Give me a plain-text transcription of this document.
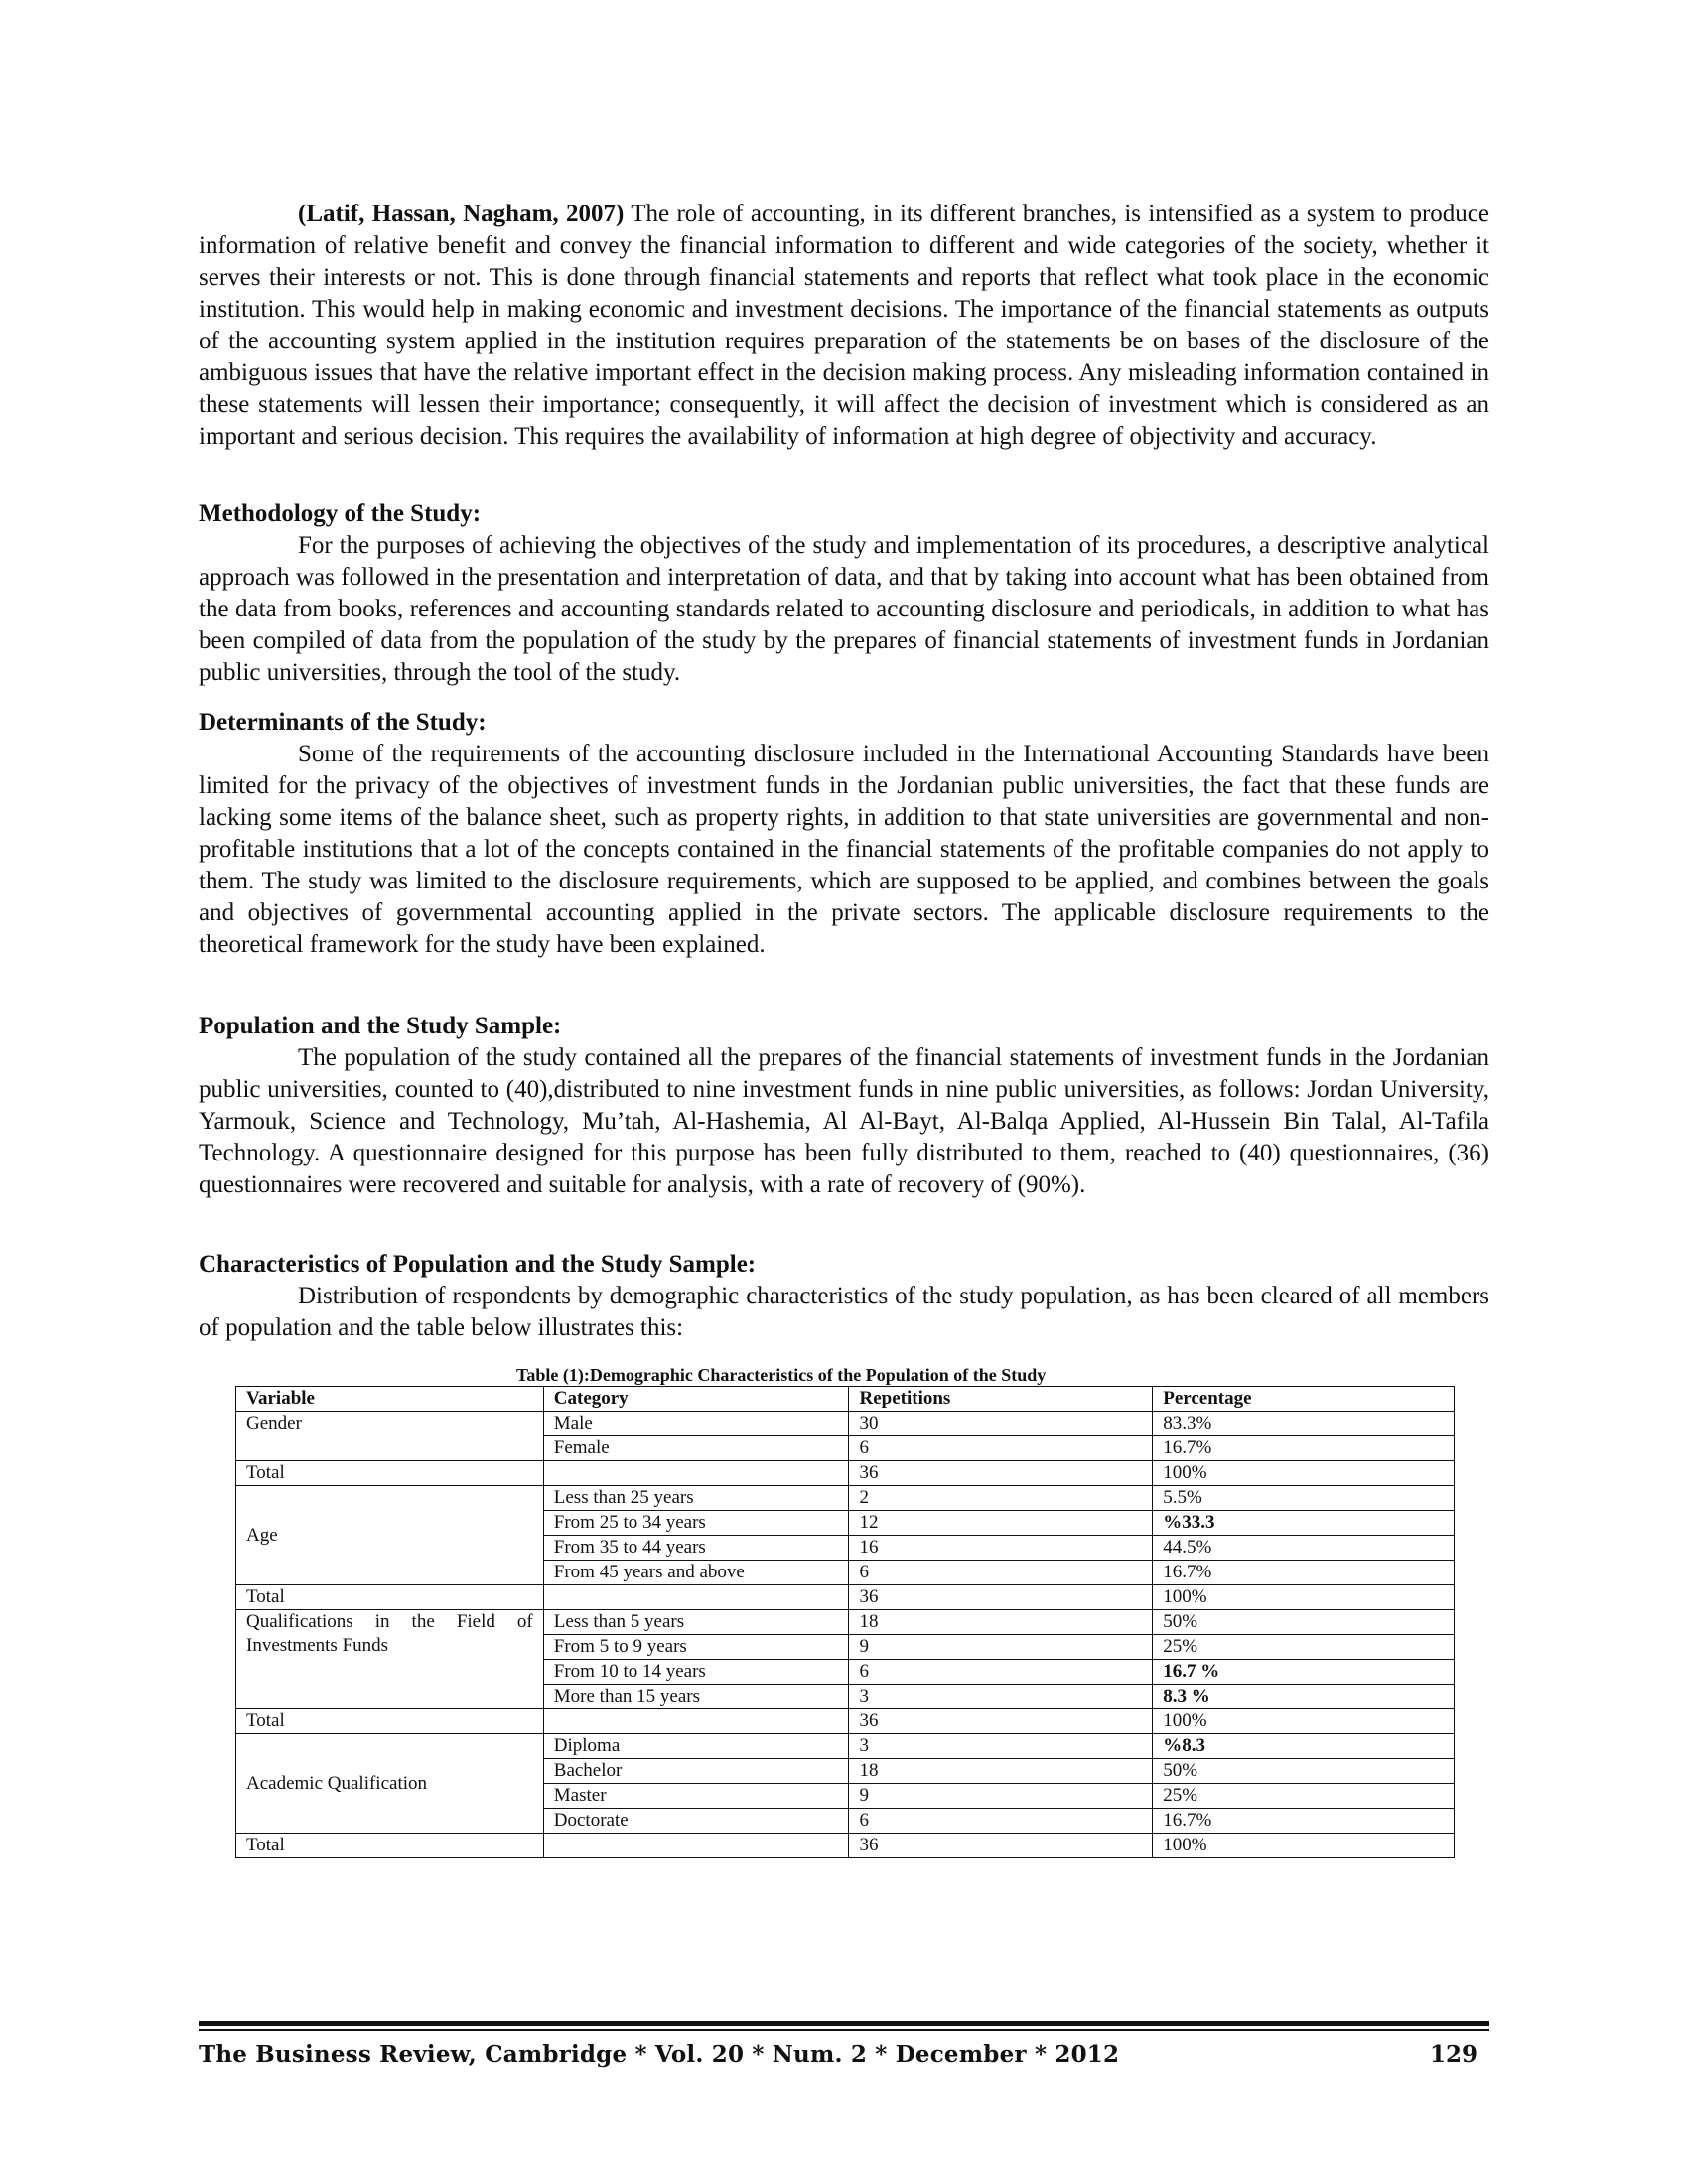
(Latif, Hassan, Nagham, 2007) The role of accounting, in its different branches, is intensified as a system to produce information of relative benefit and convey the financial information to different and wide categories of the society, whether it serves their interests or not. This is done through financial statements and reports that reflect what took place in the economic institution. This would help in making economic and investment decisions. The importance of the financial statements as outputs of the accounting system applied in the institution requires preparation of the statements be on bases of the disclosure of the ambiguous issues that have the relative important effect in the decision making process. Any misleading information contained in these statements will lessen their importance; consequently, it will affect the decision of investment which is considered as an important and serious decision. This requires the availability of information at high degree of objectivity and accuracy.

Methodology of the Study:

For the purposes of achieving the objectives of the study and implementation of its procedures, a descriptive analytical approach was followed in the presentation and interpretation of data, and that by taking into account what has been obtained from the data from books, references and accounting standards related to accounting disclosure and periodicals, in addition to what has been compiled of data from the population of the study by the prepares of financial statements of investment funds in Jordanian public universities, through the tool of the study.

Determinants of the Study:

Some of the requirements of the accounting disclosure included in the International Accounting Standards have been limited for the privacy of the objectives of investment funds in the Jordanian public universities, the fact that these funds are lacking some items of the balance sheet, such as property rights, in addition to that state universities are governmental and non-profitable institutions that a lot of the concepts contained in the financial statements of the profitable companies do not apply to them. The study was limited to the disclosure requirements, which are supposed to be applied, and combines between the goals and objectives of governmental accounting applied in the private sectors. The applicable disclosure requirements to the theoretical framework for the study have been explained.

Population and the Study Sample:

The population of the study contained all the prepares of the financial statements of investment funds in the Jordanian public universities, counted to (40),distributed to nine investment funds in nine public universities, as follows: Jordan University, Yarmouk, Science and Technology, Mu’tah, Al-Hashemia, Al Al-Bayt, Al-Balqa Applied, Al-Hussein Bin Talal, Al-Tafila Technology. A questionnaire designed for this purpose has been fully distributed to them, reached to (40) questionnaires, (36) questionnaires were recovered and suitable for analysis, with a rate of recovery of (90%).

Characteristics of Population and the Study Sample:

Distribution of respondents by demographic characteristics of the study population, as has been cleared of all members of population and the table below illustrates this:

Table (1):Demographic Characteristics of the Population of the Study
Variable	Category	Repetitions	Percentage
Gender	Male	30	83.3%
	Female	6	16.7%
Total		36	100%
Age	Less than 25 years	2	5.5%
	From 25 to 34 years	12	%33.3
	From 35 to 44 years	16	44.5%
	From 45 years and above	6	16.7%
Total		36	100%
Qualifications in the Field of Investments Funds	Less than 5 years	18	50%
	From 5 to 9 years	9	25%
	From 10 to 14 years	6	16.7 %
	More than 15 years	3	8.3 %
Total		36	100%
Academic Qualification	Diploma	3	%8.3
	Bachelor	18	50%
	Master	9	25%
	Doctorate	6	16.7%
Total		36	100%
The Business Review, Cambridge * Vol. 20 * Num. 2 * December * 2012	129
